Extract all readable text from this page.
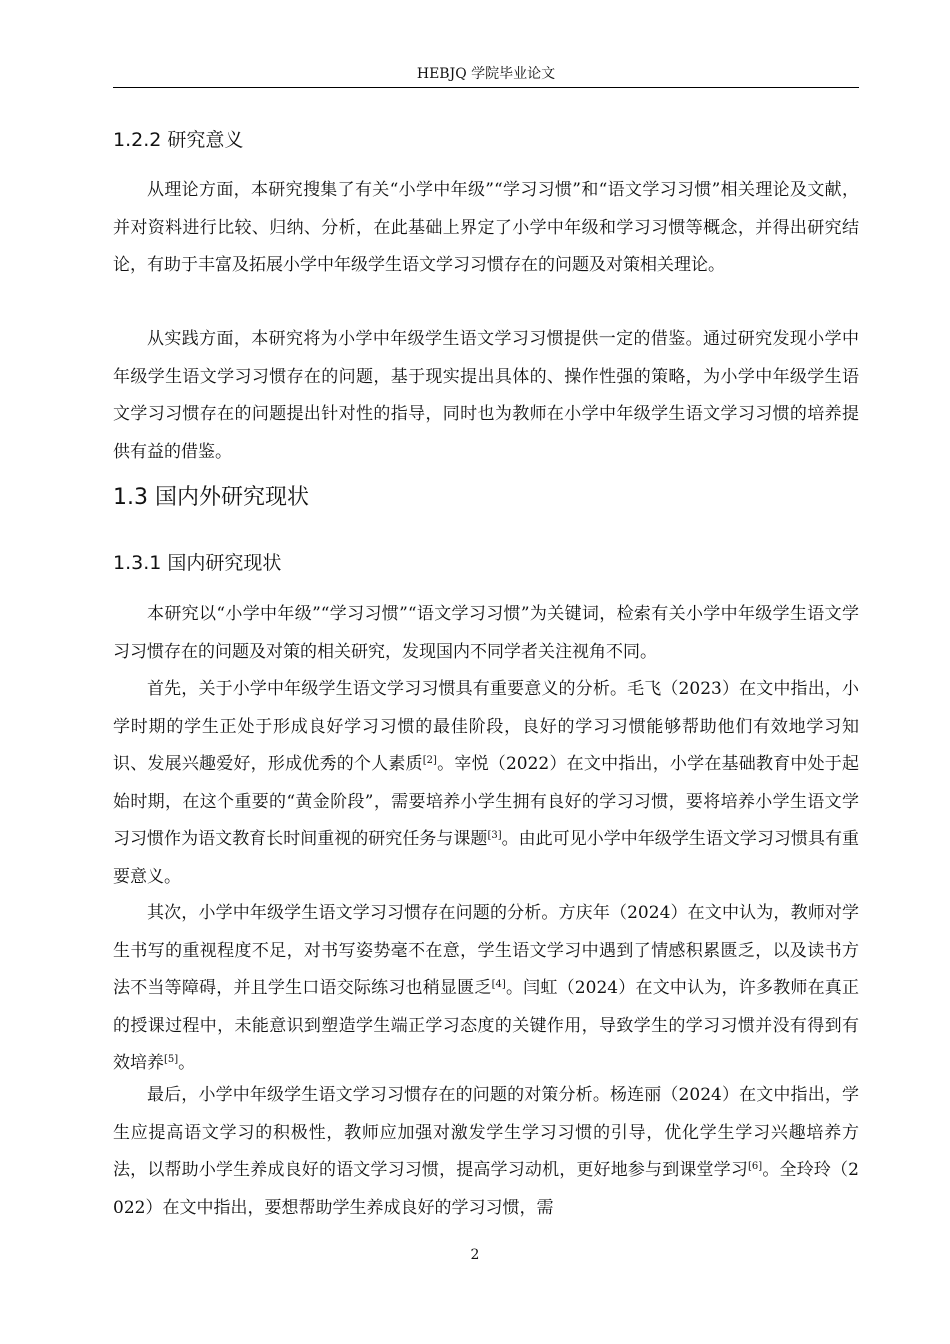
HEBJQ 学院毕业论文
1.2.2 研究意义

从理论方面，本研究搜集了有关“小学中年级”“学习习惯”和“语文学习习惯”相关理论及文献，并对资料进行比较、归纳、分析，在此基础上界定了小学中年级和学习习惯等概念，并得出研究结论，有助于丰富及拓展小学中年级学生语文学习习惯存在的问题及对策相关理论。

从实践方面，本研究将为小学中年级学生语文学习习惯提供一定的借鉴。通过研究发现小学中年级学生语文学习习惯存在的问题，基于现实提出具体的、操作性强的策略，为小学中年级学生语文学习习惯存在的问题提出针对性的指导，同时也为教师在小学中年级学生语文学习习惯的培养提供有益的借鉴。

1.3 国内外研究现状
1.3.1 国内研究现状

本研究以“小学中年级”“学习习惯”“语文学习习惯”为关键词，检索有关小学中年级学生语文学习习惯存在的问题及对策的相关研究，发现国内不同学者关注视角不同。

首先，关于小学中年级学生语文学习习惯具有重要意义的分析。毛飞（2023）在文中指出，小学时期的学生正处于形成良好学习习惯的最佳阶段，良好的学习习惯能够帮助他们有效地学习知识、发展兴趣爱好，形成优秀的个人素质[2]。宰悦（2022）在文中指出，小学在基础教育中处于起始时期，在这个重要的“黄金阶段”，需要培养小学生拥有良好的学习习惯，要将培养小学生语文学习习惯作为语文教育长时间重视的研究任务与课题[3]。由此可见小学中年级学生语文学习习惯具有重要意义。

其次，小学中年级学生语文学习习惯存在问题的分析。方庆年（2024）在文中认为，教师对学生书写的重视程度不足，对书写姿势毫不在意，学生语文学习中遇到了情感积累匮乏，以及读书方法不当等障碍，并且学生口语交际练习也稍显匮乏[4]。闫虹（2024）在文中认为，许多教师在真正的授课过程中，未能意识到塑造学生端正学习态度的关键作用，导致学生的学习习惯并没有得到有效培养[5]。

最后，小学中年级学生语文学习习惯存在的问题的对策分析。杨连丽（2024）在文中指出，学生应提高语文学习的积极性，教师应加强对激发学生学习习惯的引导，优化学生学习兴趣培养方法，以帮助小学生养成良好的语文学习习惯，提高学习动机，更好地参与到课堂学习[6]。全玲玲（2022）在文中指出，要想帮助学生养成良好的学习习惯，需

2
